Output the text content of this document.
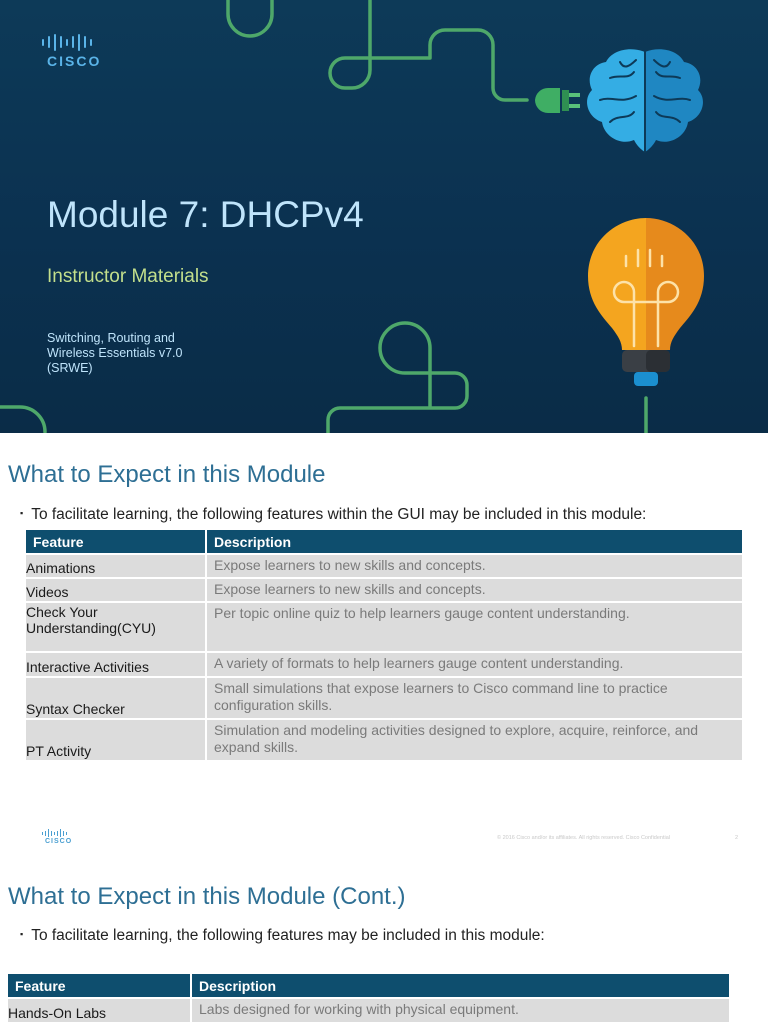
CISCO
Module 7: DHCPv4
Instructor Materials
Switching, Routing and
Wireless Essentials v7.0
(SRWE)
What to Expect in this Module
▪ To facilitate learning, the following features within the GUI may be included in this module:
Feature	Description
Animations	Expose learners to new skills and concepts.
Videos	Expose learners to new skills and concepts.
Check Your Understanding(CYU)	Per topic online quiz to help learners gauge content understanding.
Interactive Activities	A variety of formats to help learners gauge content understanding.
Syntax Checker	Small simulations that expose learners to Cisco command line to practice configuration skills.
PT Activity	Simulation and modeling activities designed to explore, acquire, reinforce, and expand skills.
CISCO	© 2016 Cisco and/or its affiliates. All rights reserved. Cisco Confidential	2
What to Expect in this Module (Cont.)
▪ To facilitate learning, the following features may be included in this module:
Feature	Description
Hands-On Labs	Labs designed for working with physical equipment.
